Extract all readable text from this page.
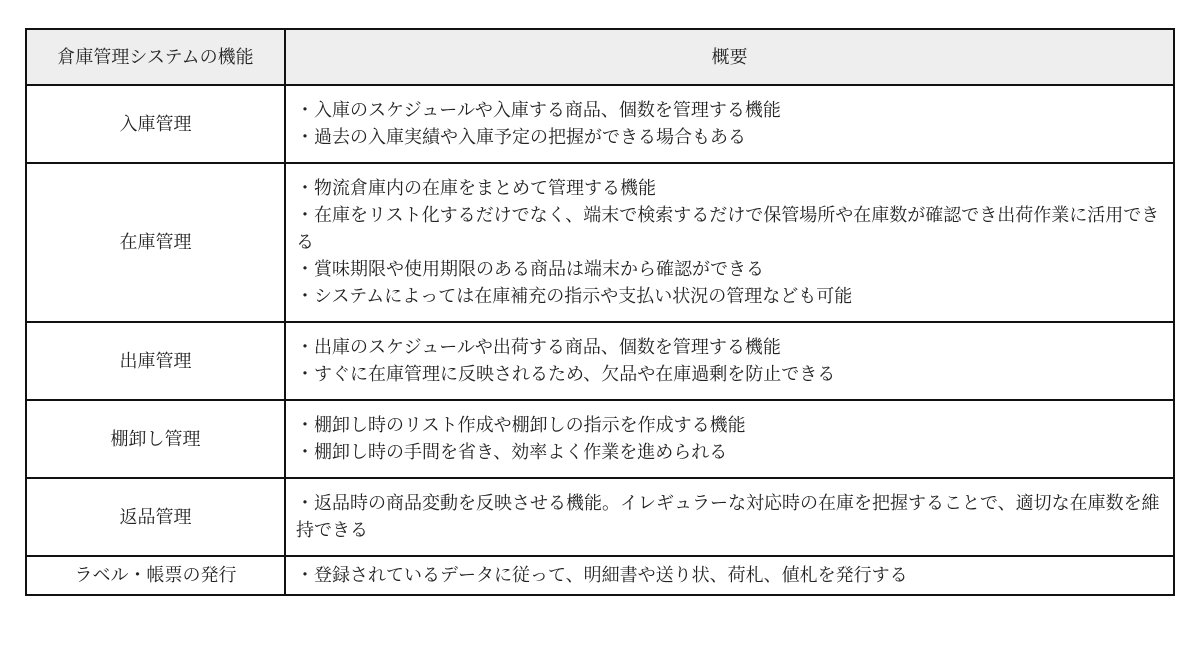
倉庫管理システムの機能	概要
入庫管理	・入庫のスケジュールや入庫する商品、個数を管理する機能
・過去の入庫実績や入庫予定の把握ができる場合もある

在庫管理	・物流倉庫内の在庫をまとめて管理する機能
・在庫をリスト化するだけでなく、端末で検索するだけで保管場所や在庫数が確認でき出荷作業に活用できる
・賞味期限や使用期限のある商品は端末から確認ができる
・システムによっては在庫補充の指示や支払い状況の管理なども可能

出庫管理	・出庫のスケジュールや出荷する商品、個数を管理する機能
・すぐに在庫管理に反映されるため、欠品や在庫過剰を防止できる

棚卸し管理	・棚卸し時のリスト作成や棚卸しの指示を作成する機能
・棚卸し時の手間を省き、効率よく作業を進められる

返品管理	・返品時の商品変動を反映させる機能。イレギュラーな対応時の在庫を把握することで、適切な在庫数を維持できる

ラベル・帳票の発行	・登録されているデータに従って、明細書や送り状、荷札、値札を発行する
